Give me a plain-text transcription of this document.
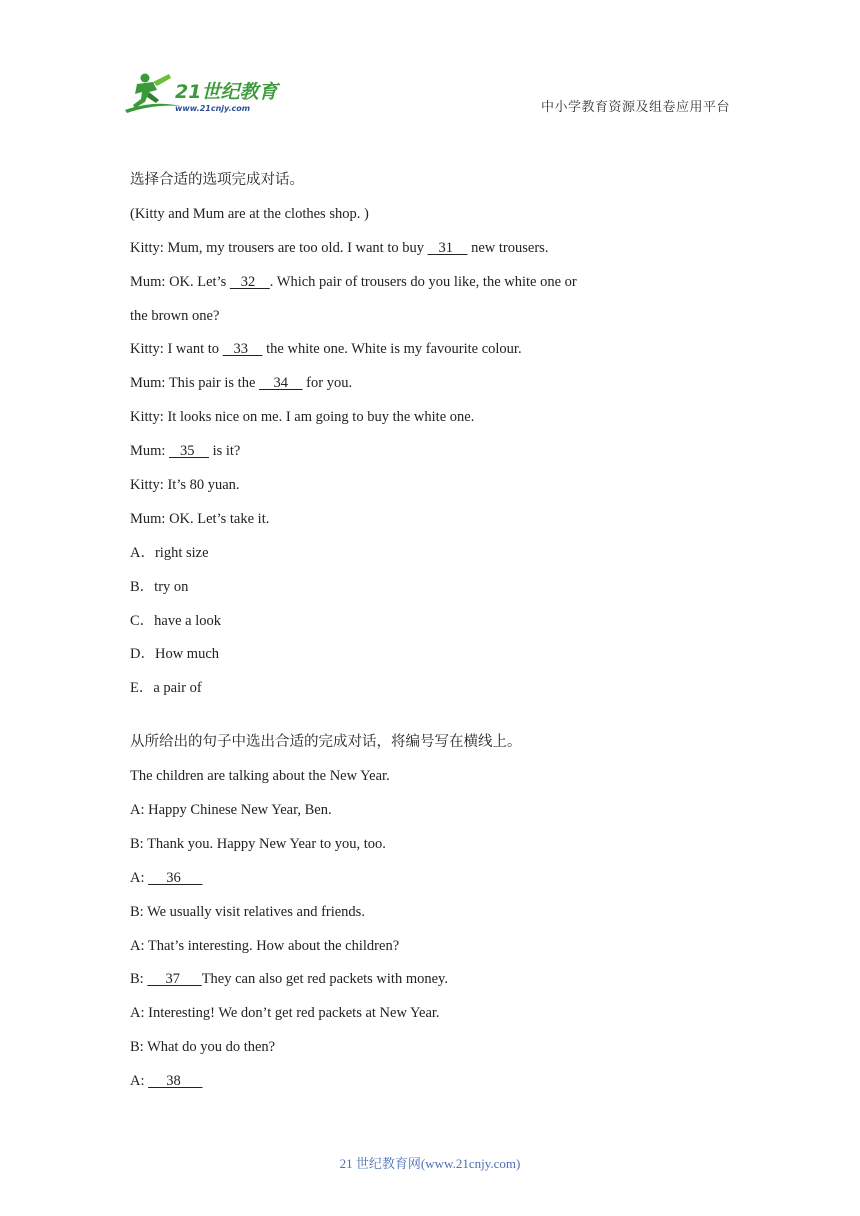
21世纪教育
www.21cnjy.com	中小学教育资源及组卷应用平台
选择合适的选项完成对话。
(Kitty and Mum are at the clothes shop. )
Kitty: Mum, my trousers are too old. I want to buy    31     new trousers.
Mum: OK. Let’s    32    . Which pair of trousers do you like, the white one or
the brown one?
Kitty: I want to    33     the white one. White is my favourite colour.
Mum: This pair is the     34     for you.
Kitty: It looks nice on me. I am going to buy the white one.
Mum:    35     is it?
Kitty: It’s 80 yuan.
Mum: OK. Let’s take it.
A．right size
B．try on
C．have a look
D．How much
E．a pair of
从所给出的句子中选出合适的完成对话，将编号写在横线上。
The children are talking about the New Year.
A: Happy Chinese New Year, Ben.
B: Thank you. Happy New Year to you, too.
A:      36
B: We usually visit relatives and friends.
A: That’s interesting. How about the children?
B:      37      They can also get red packets with money.
A: Interesting! We don’t get red packets at New Year.
B: What do you do then?
A:      38
21 世纪教育网(www.21cnjy.com)
